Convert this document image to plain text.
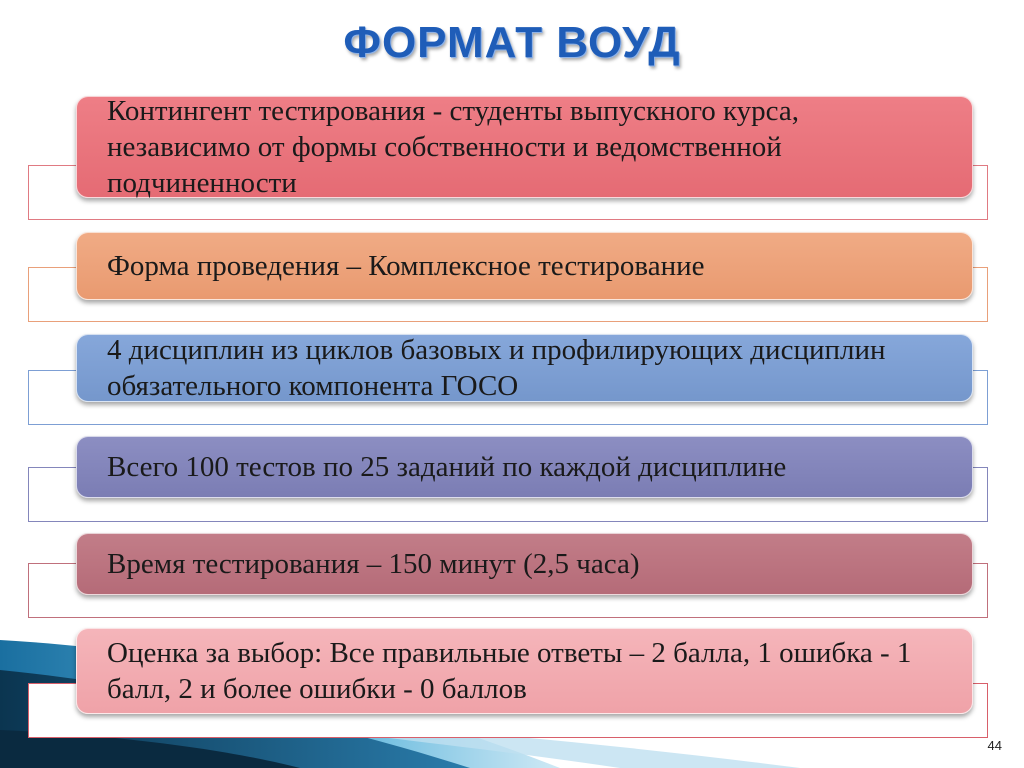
ФОРМАТ ВОУД
Контингент тестирования - студенты выпускного курса, независимо от формы собственности и ведомственной подчиненности
Форма проведения – Комплексное тестирование
4 дисциплин из циклов базовых и профилирующих дисциплин обязательного компонента ГОСО
Всего 100 тестов по 25 заданий по каждой дисциплине
Время тестирования – 150 минут (2,5 часа)
Оценка за выбор: Все правильные ответы – 2 балла, 1 ошибка - 1 балл, 2 и более ошибки - 0 баллов
44
